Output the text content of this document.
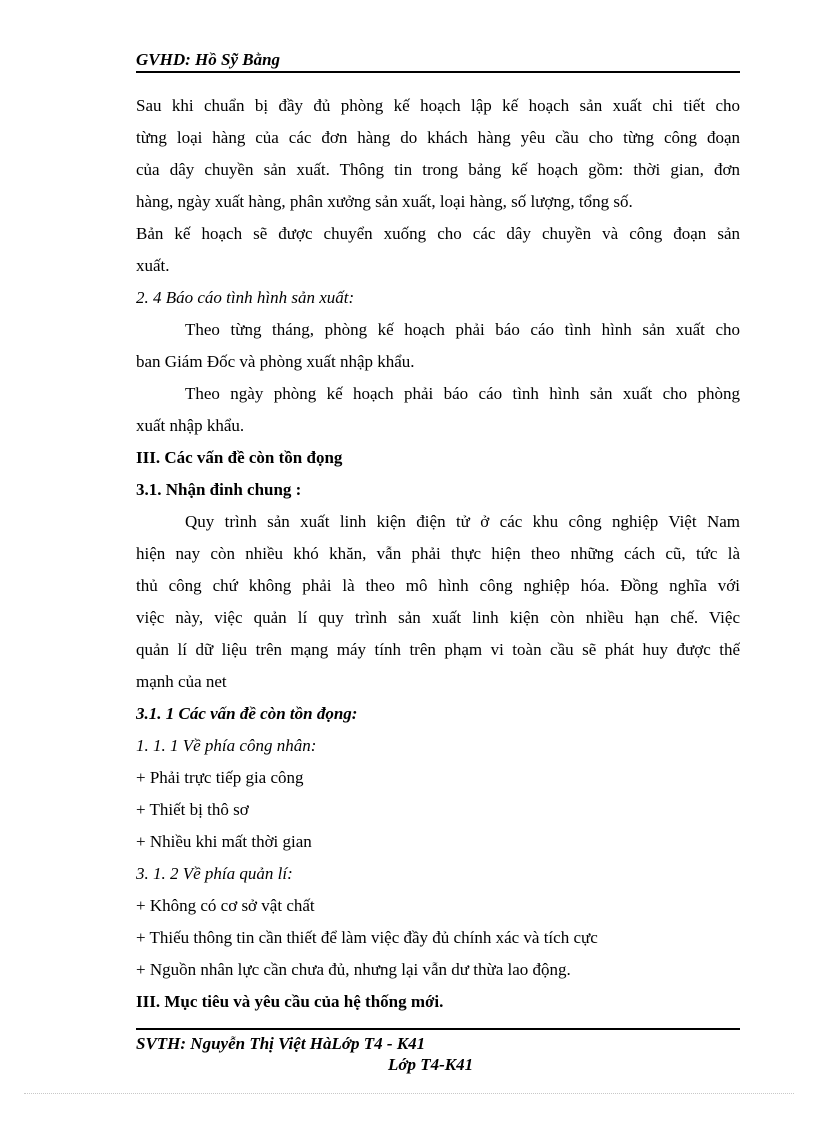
GVHD: Hồ Sỹ Bằng
Sau khi chuẩn bị đầy đủ phòng kế hoạch lập kế hoạch sản xuất chi tiết cho
từng loại hàng của các đơn hàng do khách hàng yêu cầu cho từng công đoạn
của dây chuyền sản xuất. Thông tin trong bảng kế hoạch gồm: thời gian, đơn
hàng, ngày xuất hàng, phân xưởng sản xuất, loại hàng, số lượng, tổng số.
Bản kế hoạch sẽ được chuyển xuống cho các dây chuyền và công đoạn sản
xuất.
2. 4 Báo cáo tình hình sản xuất:
Theo từng tháng, phòng kế hoạch phải báo cáo tình hình sản xuất cho
ban Giám Đốc và phòng xuất nhập khẩu.
Theo ngày phòng kế hoạch phải báo cáo tình hình sản xuất cho phòng
xuất nhập khẩu.
III. Các vấn đề còn tồn đọng
3.1. Nhận đinh chung :
Quy trình sản xuất linh kiện điện tử ở các khu công nghiệp Việt Nam
hiện nay còn nhiều khó khăn, vẫn phải thực hiện theo những cách cũ, tức là
thủ công chứ không phải là theo mô hình công nghiệp hóa. Đồng nghĩa với
việc này, việc quản lí quy trình sản xuất linh kiện còn nhiều hạn chế. Việc
quản lí dữ liệu trên mạng máy tính trên phạm vi toàn cầu sẽ phát huy được thế
mạnh của net
3.1. 1 Các vấn đề còn tồn đọng:
1. 1. 1 Về phía công nhân:
+ Phải trực tiếp gia công
+ Thiết bị thô sơ
+ Nhiều khi mất thời gian
3. 1. 2 Về phía quản lí:
+ Không có cơ sở vật chất
+ Thiếu thông tin cần thiết để làm việc đầy đủ chính xác và tích cực
+ Nguồn nhân lực cần chưa đủ, nhưng lại vẫn dư thừa lao động.
III. Mục tiêu và yêu cầu của hệ thống mới.
SVTH: Nguyễn Thị Việt HàLớp T4 - K41
Lớp T4-K41
